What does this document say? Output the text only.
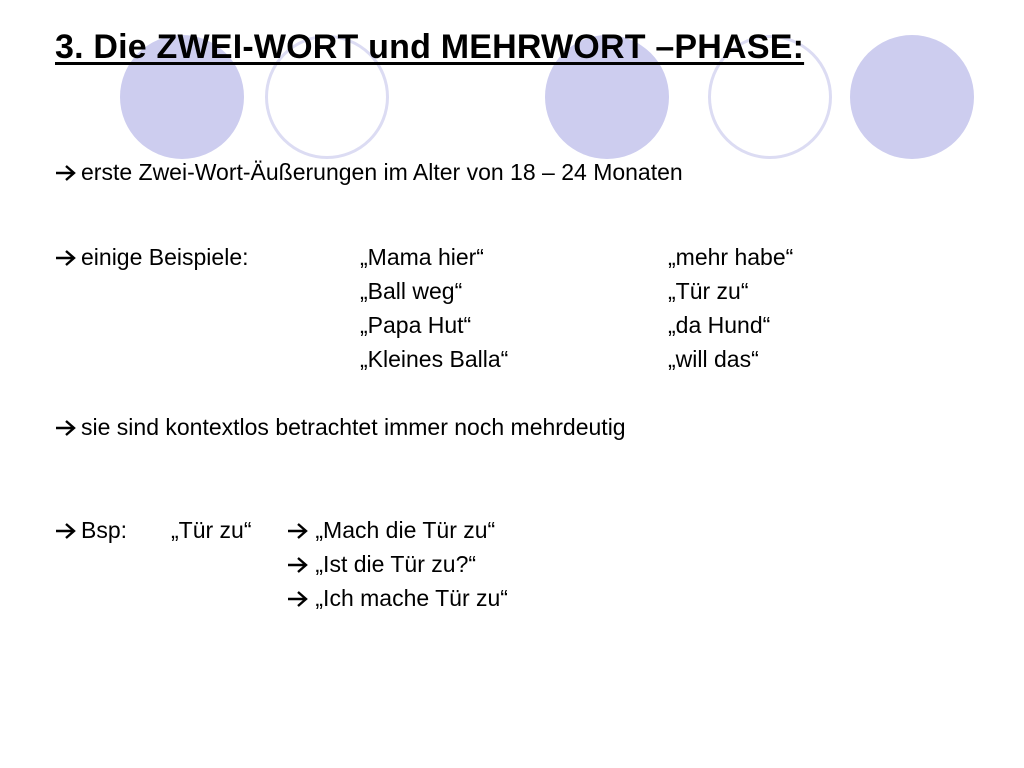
3. Die ZWEI-WORT und MEHRWORT –PHASE:
erste Zwei-Wort-Äußerungen im Alter von 18 – 24 Monaten
einige Beispiele:	„Mama hier“
„Ball weg“
„Papa Hut“
„Kleines Balla“
„mehr habe“
„Tür zu“
„da Hund“
„will das“
sie sind kontextlos betrachtet immer noch mehrdeutig
Bsp: „Tür zu“	„Mach die Tür zu“
„Ist die Tür zu?“
„Ich mache Tür zu“
